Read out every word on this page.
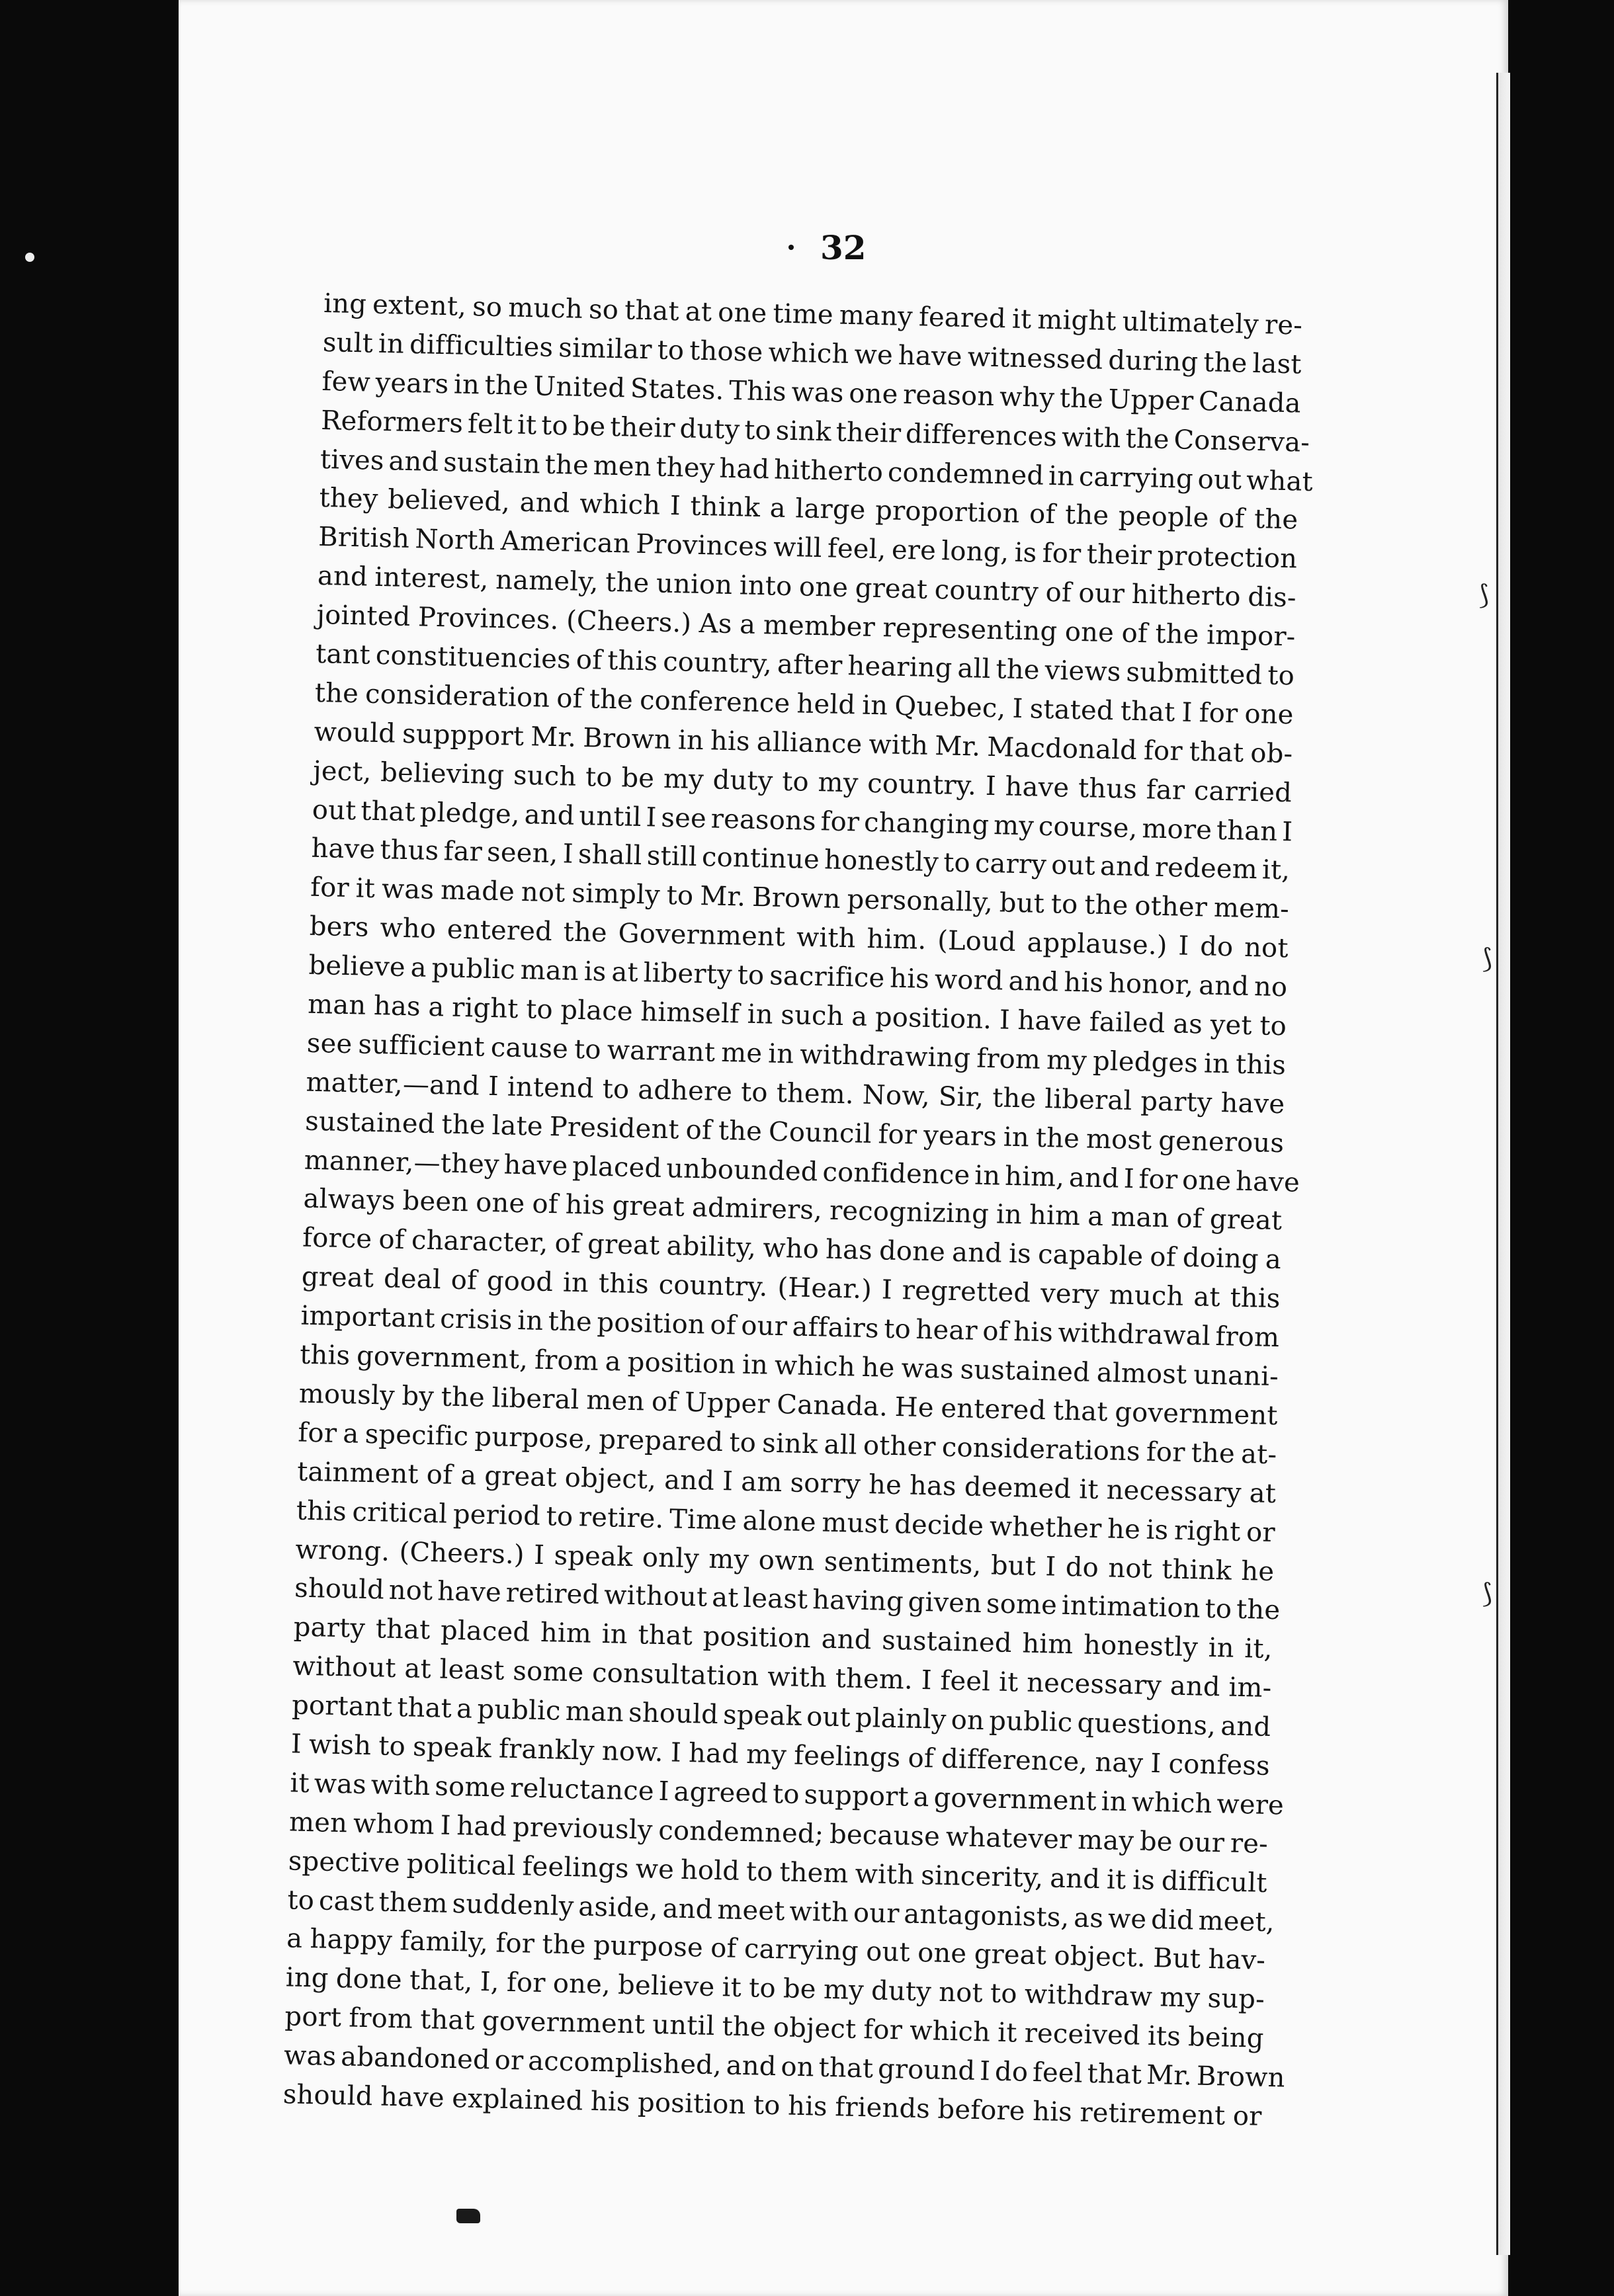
⟆
⟆
⟆
32
ing extent, so much so that at one time many feared it might ultimately re-
sult in difficulties similar to those which we have witnessed during the last
few years in the United States. This was one reason why the Upper Canada
Reformers felt it to be their duty to sink their differences with the Conserva-
tives and sustain the men they had hitherto condemned in carrying out what
they believed, and which I think a large proportion of the people of the
British North American Provinces will feel, ere long, is for their protection
and interest, namely, the union into one great country of our hitherto dis-
jointed Provinces. (Cheers.) As a member representing one of the impor-
tant constituencies of this country, after hearing all the views submitted to
the consideration of the conference held in Quebec, I stated that I for one
would suppport Mr. Brown in his alliance with Mr. Macdonald for that ob-
ject, believing such to be my duty to my country. I have thus far carried
out that pledge, and until I see reasons for changing my course, more than I
have thus far seen, I shall still continue honestly to carry out and redeem it,
for it was made not simply to Mr. Brown personally, but to the other mem-
bers who entered the Government with him. (Loud applause.) I do not
believe a public man is at liberty to sacrifice his word and his honor, and no
man has a right to place himself in such a position. I have failed as yet to
see sufficient cause to warrant me in withdrawing from my pledges in this
matter,—and I intend to adhere to them. Now, Sir, the liberal party have
sustained the late President of the Council for years in the most generous
manner,—they have placed unbounded confidence in him, and I for one have
always been one of his great admirers, recognizing in him a man of great
force of character, of great ability, who has done and is capable of doing a
great deal of good in this country. (Hear.) I regretted very much at this
important crisis in the position of our affairs to hear of his withdrawal from
this government, from a position in which he was sustained almost unani-
mously by the liberal men of Upper Canada. He entered that government
for a specific purpose, prepared to sink all other considerations for the at-
tainment of a great object, and I am sorry he has deemed it necessary at
this critical period to retire. Time alone must decide whether he is right or
wrong. (Cheers.) I speak only my own sentiments, but I do not think he
should not have retired without at least having given some intimation to the
party that placed him in that position and sustained him honestly in it,
without at least some consultation with them. I feel it necessary and im-
portant that a public man should speak out plainly on public questions, and
I wish to speak frankly now. I had my feelings of difference, nay I confess
it was with some reluctance I agreed to support a government in which were
men whom I had previously condemned; because whatever may be our re-
spective political feelings we hold to them with sincerity, and it is difficult
to cast them suddenly aside, and meet with our antagonists, as we did meet,
a happy family, for the purpose of carrying out one great object. But hav-
ing done that, I, for one, believe it to be my duty not to withdraw my sup-
port from that government until the object for which it received its being
was abandoned or accomplished, and on that ground I do feel that Mr. Brown
should have explained his position to his friends before his retirement or
